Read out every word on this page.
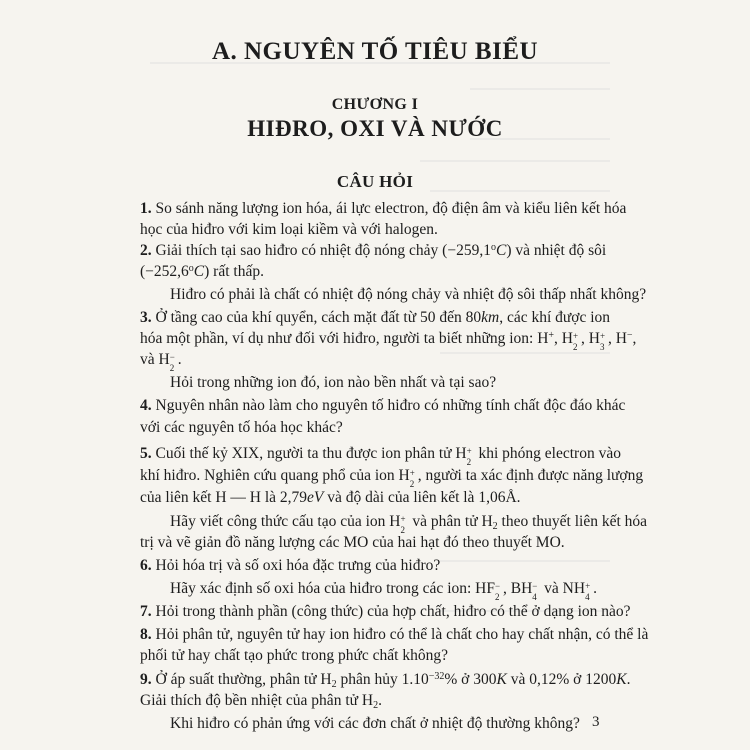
A. NGUYÊN TỐ TIÊU BIỂU
CHƯƠNG I
HIĐRO, OXI VÀ NƯỚC
CÂU HỎI
1. So sánh năng lượng ion hóa, ái lực electron, độ điện âm và kiểu liên kết hóa
học của hiđro với kim loại kiềm và với halogen.
2. Giải thích tại sao hiđro có nhiệt độ nóng chảy $(-259,1^oC)$ và nhiệt độ sôi
$(-252,6^oC)$ rất thấp.
Hiđro có phải là chất có nhiệt độ nóng chảy và nhiệt độ sôi thấp nhất không?
3. Ở tầng cao của khí quyển, cách mặt đất từ 50 đến 80km, các khí được ion
hóa một phần, ví dụ như đối với hiđro, người ta biết những ion: H+, H +
2 , H +
3 , H−,
và H −
2 .
Hỏi trong những ion đó, ion nào bền nhất và tại sao?
4. Nguyên nhân nào làm cho nguyên tố hiđro có những tính chất độc đáo khác
với các nguyên tố hóa học khác?
5. Cuối thế kỷ XIX, người ta thu được ion phân tử H +
2 khi phóng electron vào
khí hiđro. Nghiên cứu quang phổ của ion H +
2 , người ta xác định được năng lượng
của liên kết H — H là 2,79eV và độ dài của liên kết là 1,06Å.
Hãy viết công thức cấu tạo của ion H +
2 và phân tử $H_2$ theo thuyết liên kết hóa
trị và vẽ giản đồ năng lượng các MO của hai hạt đó theo thuyết MO.
6. Hỏi hóa trị và số oxi hóa đặc trưng của hiđro?
Hãy xác định số oxi hóa của hiđro trong các ion: HF −
2 , BH −
4 và NH +
4 .
7. Hỏi trong thành phần (công thức) của hợp chất, hiđro có thể ở dạng ion nào?
8. Hỏi phân tử, nguyên tử hay ion hiđro có thể là chất cho hay chất nhận, có thể là
phối tử hay chất tạo phức trong phức chất không?
9. Ở áp suất thường, phân tử $H_2$ phân hủy $1.10^{-32}\%$ ở 300K và 0,12% ở 1200K.
Giải thích độ bền nhiệt của phân tử $H_2$.
Khi hiđro có phản ứng với các đơn chất ở nhiệt độ thường không? 3
